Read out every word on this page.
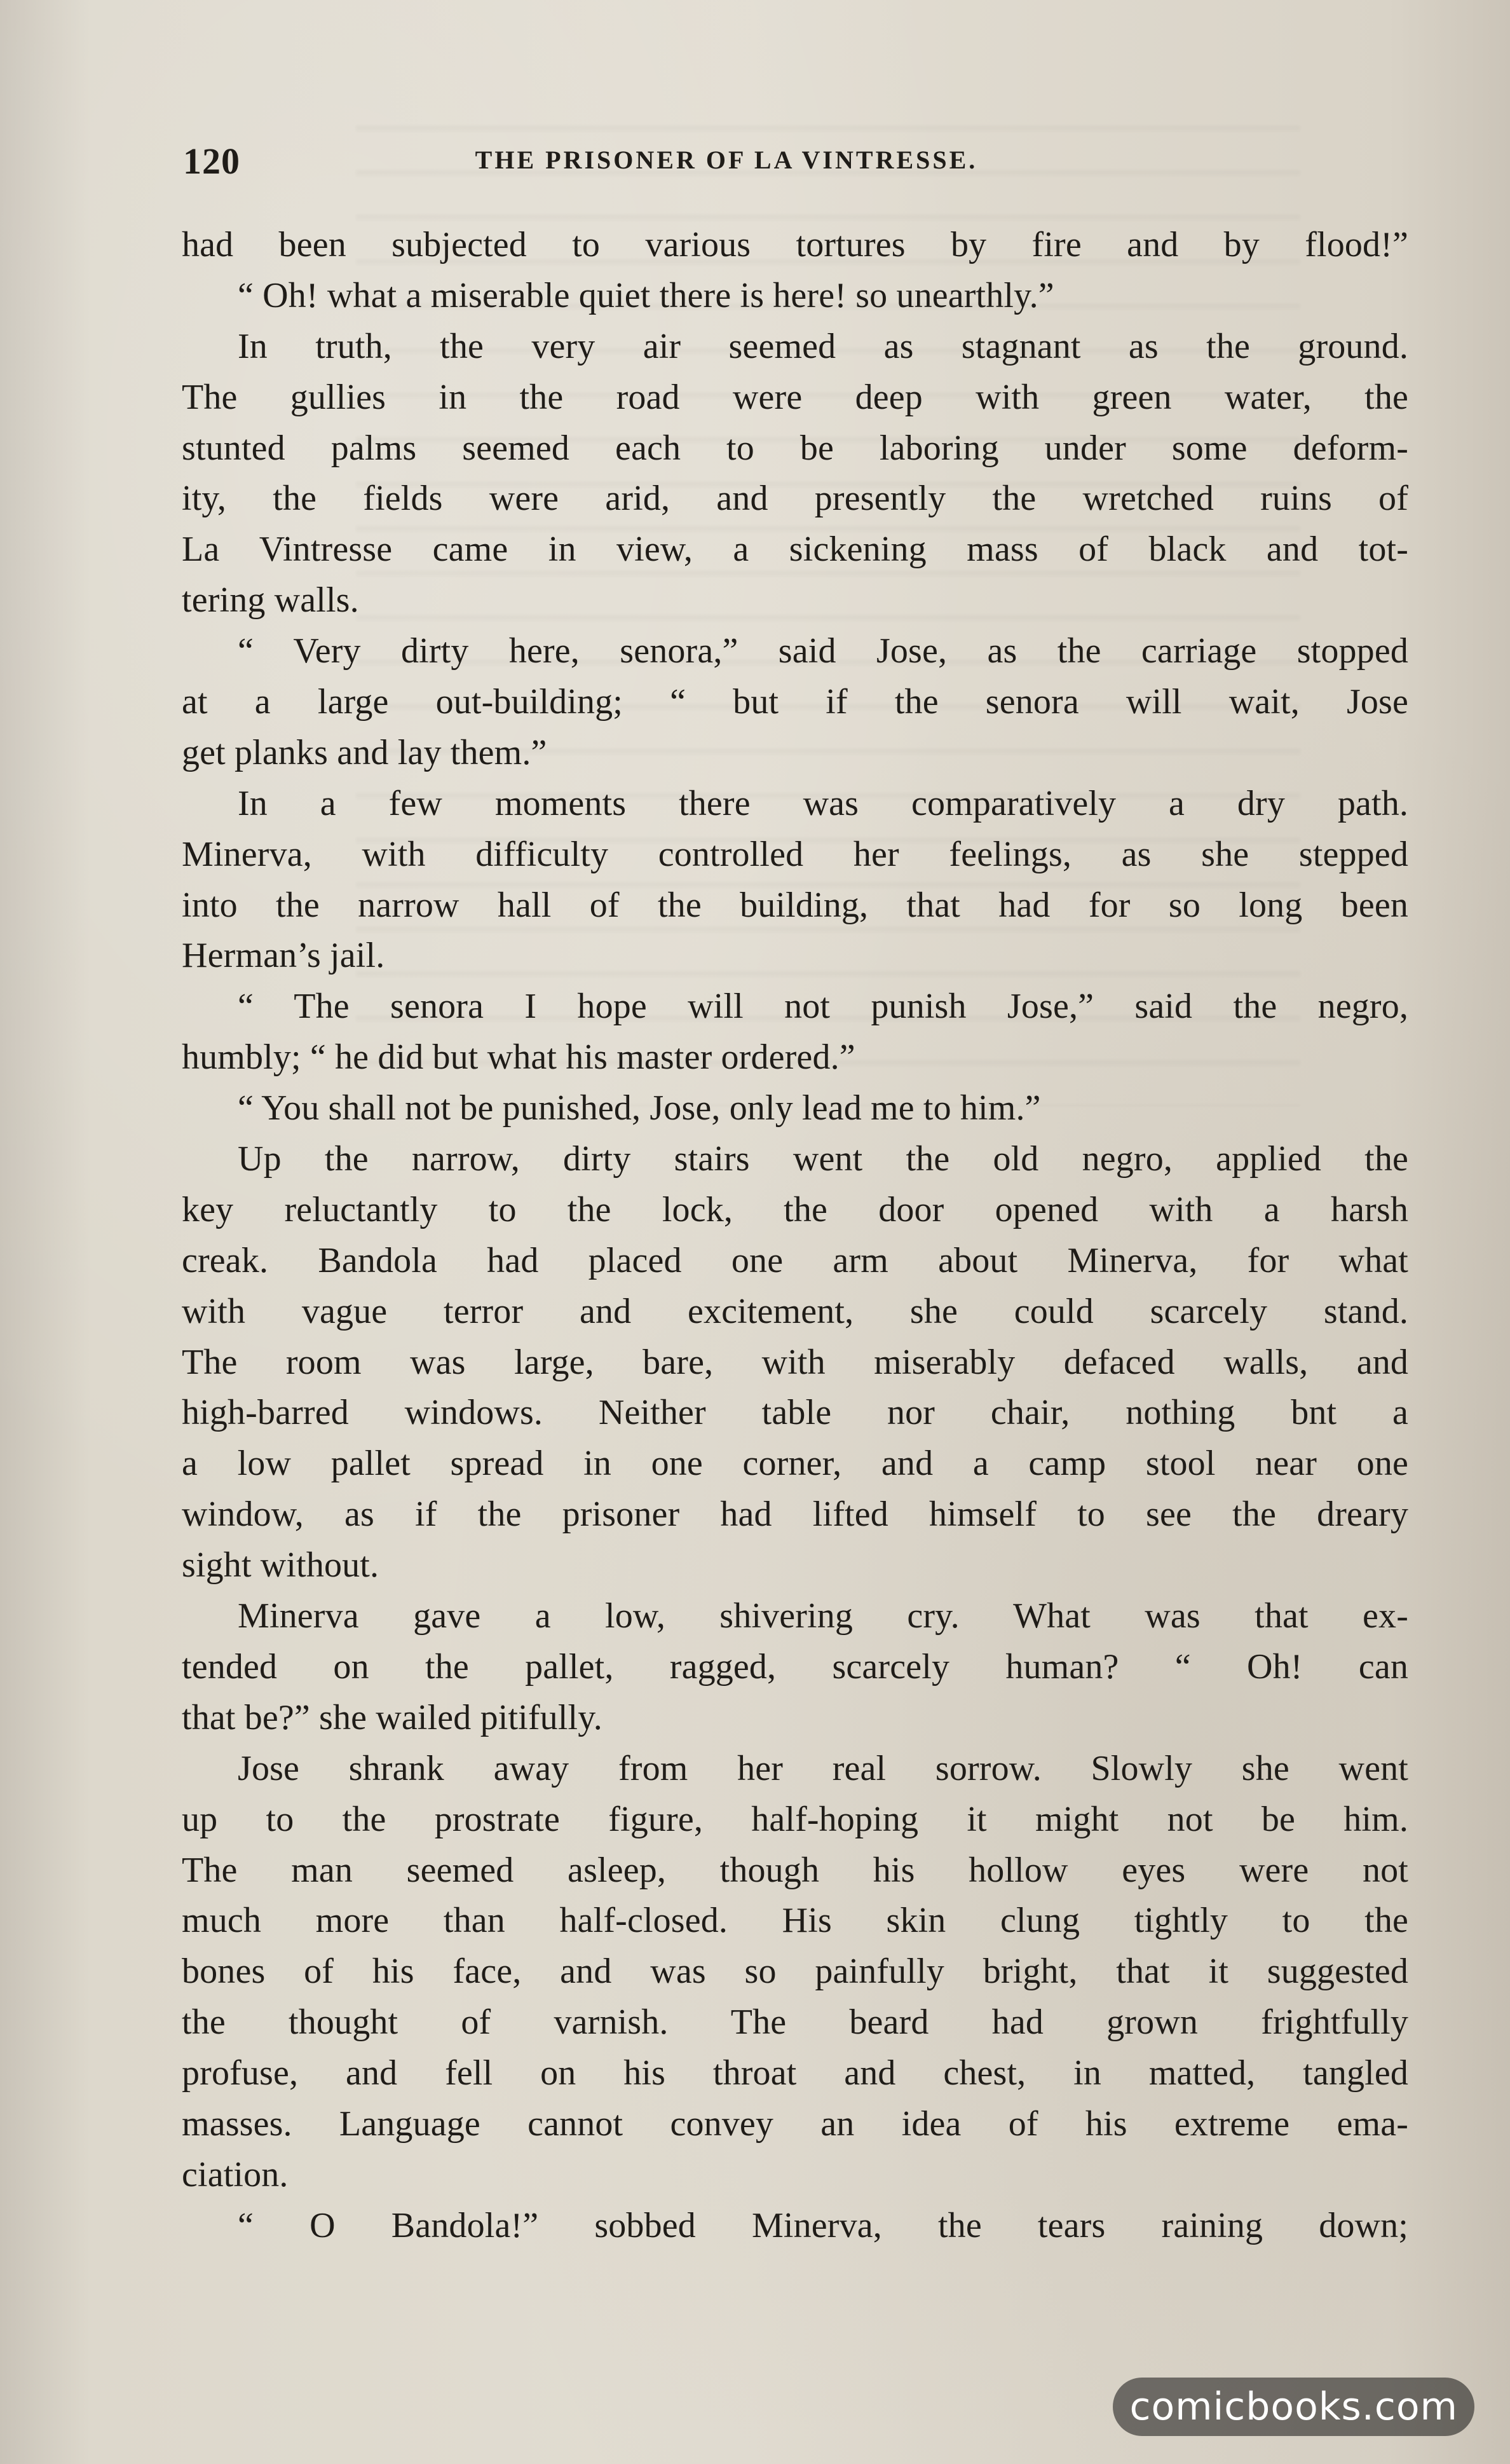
120	THE PRISONER OF LA VINTRESSE.
had been subjected to various tortures by fire and by flood!”
“ Oh! what a miserable quiet there is here! so unearthly.”
In truth, the very air seemed as stagnant as the ground.
The gullies in the road were deep with green water, the
stunted palms seemed each to be laboring under some deform-
ity, the fields were arid, and presently the wretched ruins of
La Vintresse came in view, a sickening mass of black and tot-
tering walls.
“ Very dirty here, senora,” said Jose, as the carriage stopped
at a large out-building; “ but if the senora will wait, Jose
get planks and lay them.”
In a few moments there was comparatively a dry path.
Minerva, with difficulty controlled her feelings, as she stepped
into the narrow hall of the building, that had for so long been
Herman’s jail.
“ The senora I hope will not punish Jose,” said the negro,
humbly; “ he did but what his master ordered.”
“ You shall not be punished, Jose, only lead me to him.”
Up the narrow, dirty stairs went the old negro, applied the
key reluctantly to the lock, the door opened with a harsh
creak. Bandola had placed one arm about Minerva, for what
with vague terror and excitement, she could scarcely stand.
The room was large, bare, with miserably defaced walls, and
high-barred windows. Neither table nor chair, nothing bnt a
a low pallet spread in one corner, and a camp stool near one
window, as if the prisoner had lifted himself to see the dreary
sight without.
Minerva gave a low, shivering cry. What was that ex-
tended on the pallet, ragged, scarcely human? “ Oh! can
that be?” she wailed pitifully.
Jose shrank away from her real sorrow. Slowly she went
up to the prostrate figure, half-hoping it might not be him.
The man seemed asleep, though his hollow eyes were not
much more than half-closed. His skin clung tightly to the
bones of his face, and was so painfully bright, that it suggested
the thought of varnish. The beard had grown frightfully
profuse, and fell on his throat and chest, in matted, tangled
masses. Language cannot convey an idea of his extreme ema-
ciation.
“ O Bandola!” sobbed Minerva, the tears raining down;
comicbooks.com
